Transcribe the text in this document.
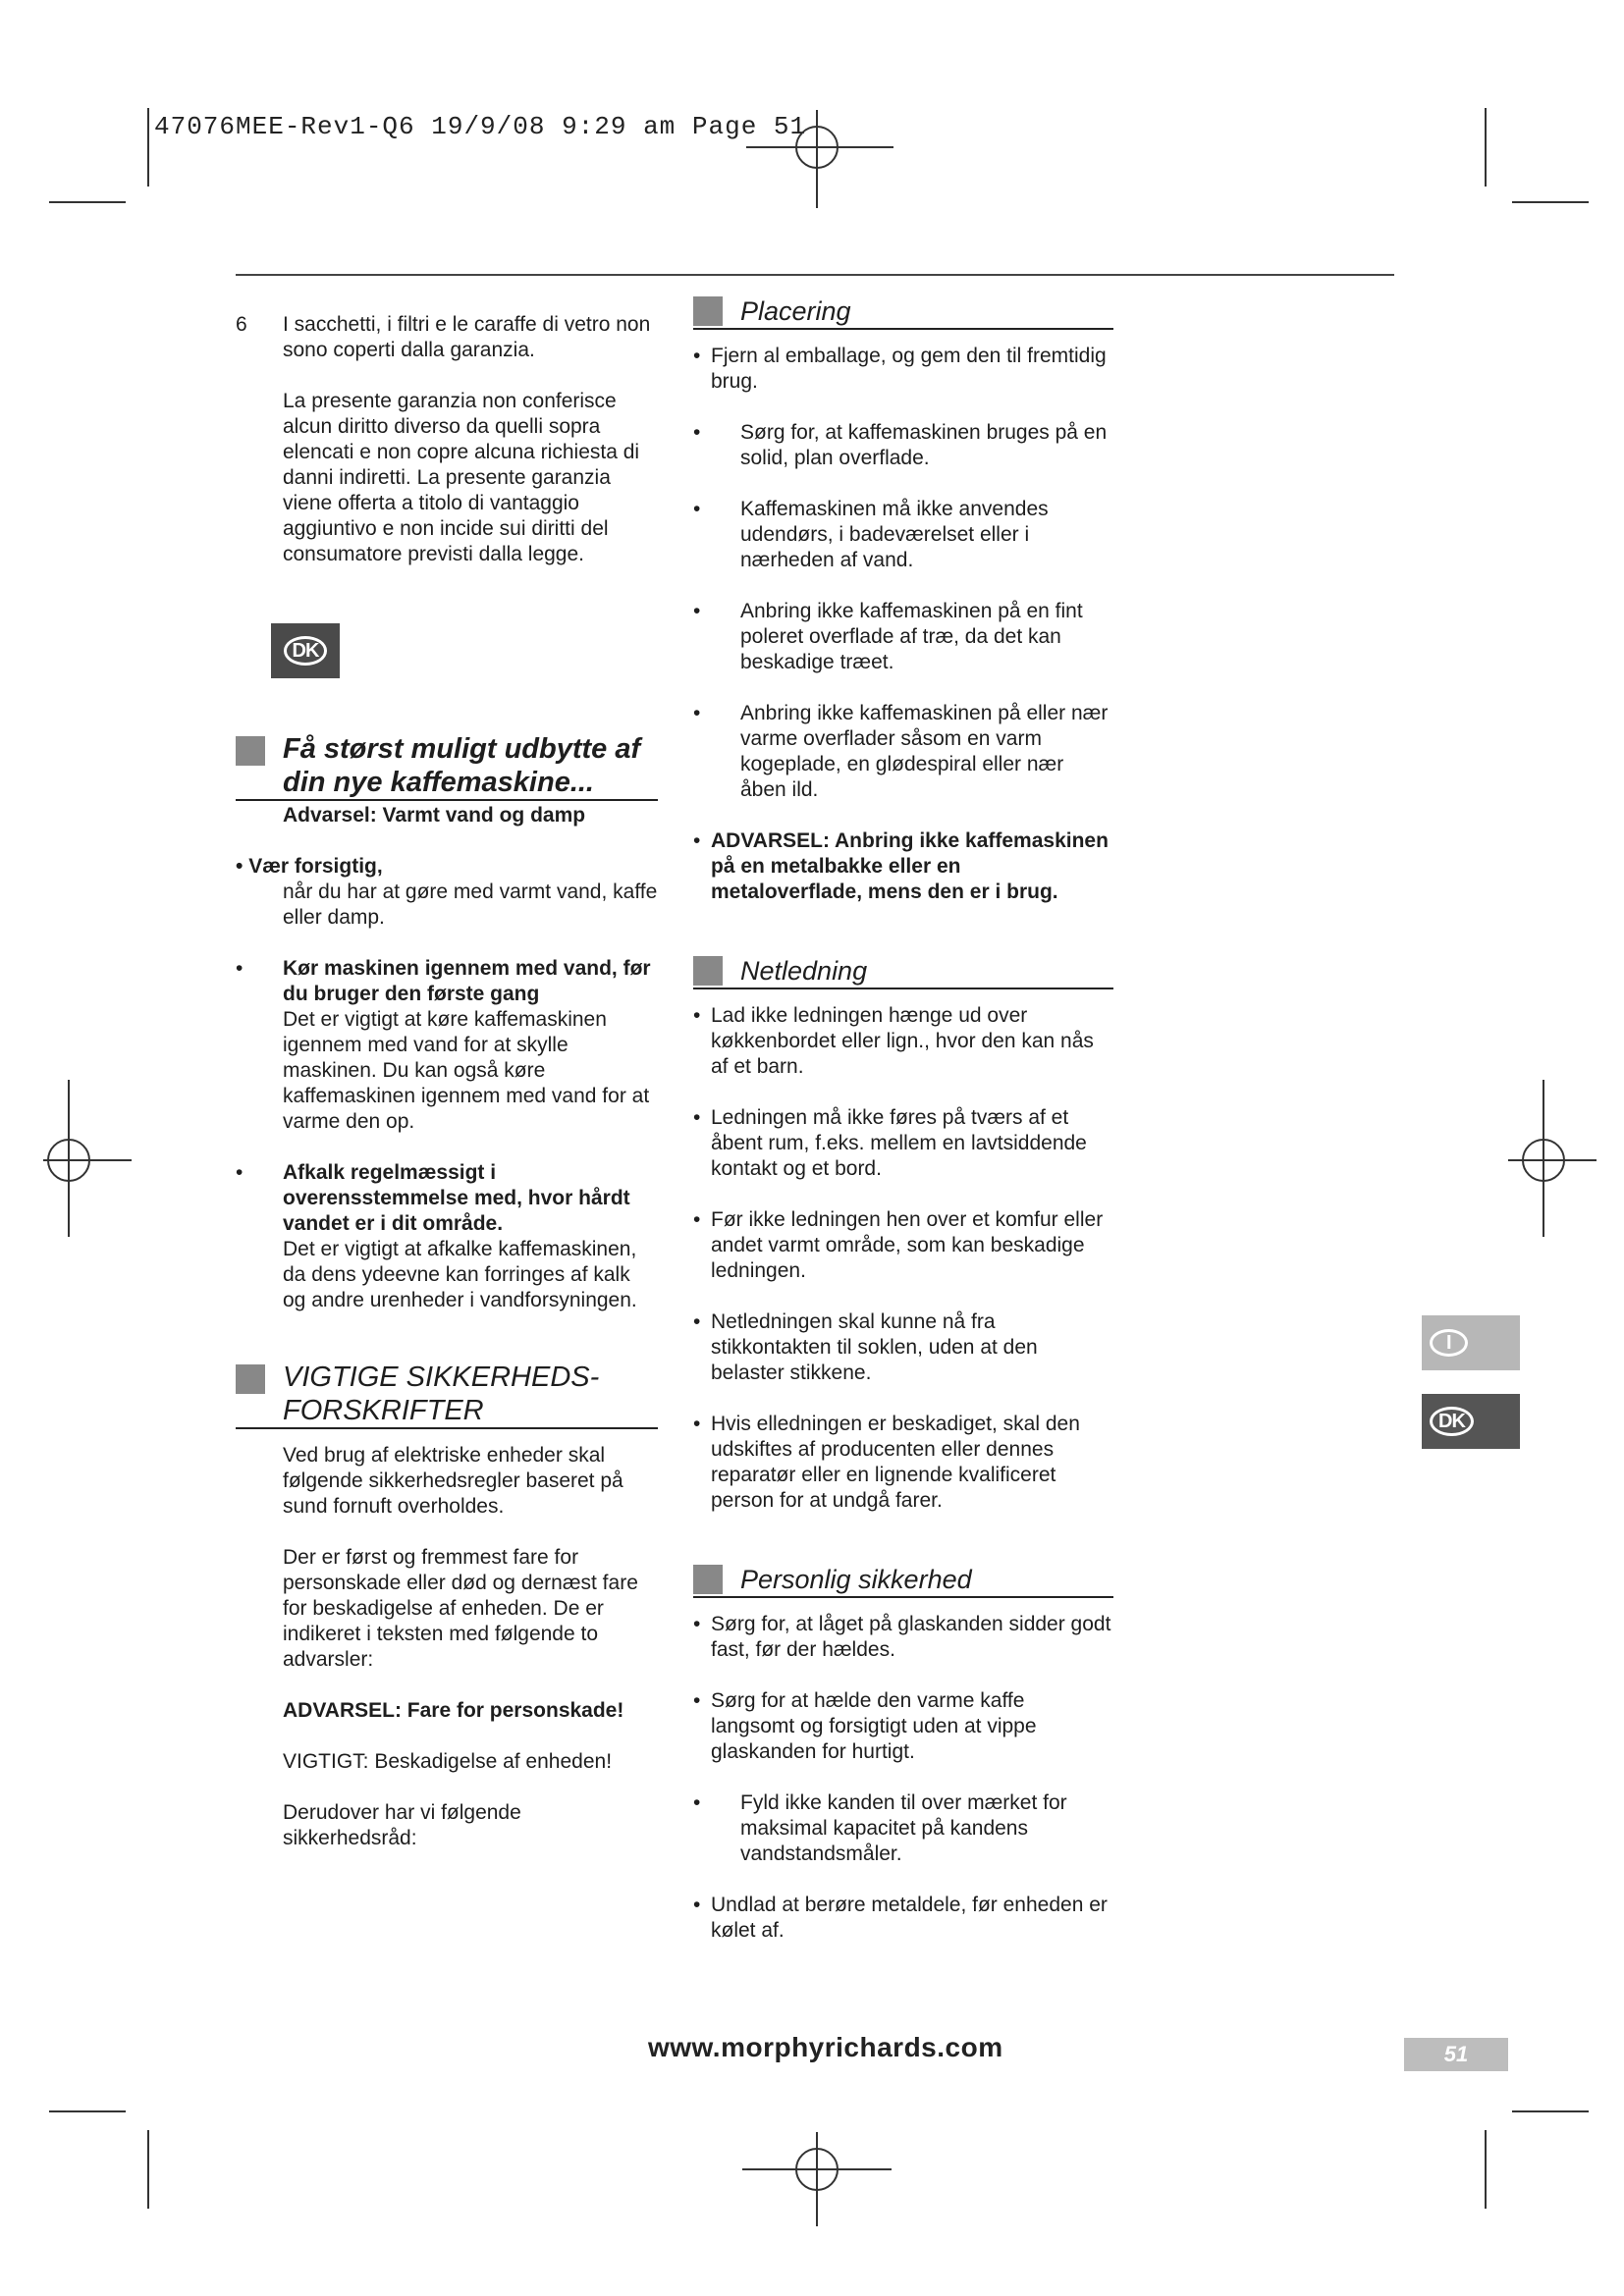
47076MEE-Rev1-Q6 19/9/08 9:29 am Page 51
6	I sacchetti, i filtri e le caraffe di vetro non sono coperti dalla garanzia.

La presente garanzia non conferisce alcun diritto diverso da quelli sopra elencati e non copre alcuna richiesta di danni indiretti. La presente garanzia viene offerta a titolo di vantaggio aggiuntivo e non incide sui diritti del consumatore previsti dalla legge.

Få størst muligt udbytte af din nye kaffemaskine...

Advarsel: Varmt vand og damp

• Vær forsigtig,

når du har at gøre med varmt vand, kaffe eller damp.

•	Kør maskinen igennem med vand, før du bruger den første gang

Det er vigtigt at køre kaffemaskinen igennem med vand for at skylle maskinen. Du kan også køre kaffemaskinen igennem med vand for at varme den op.

•	Afkalk regelmæssigt i overensstemmelse med, hvor hårdt vandet er i dit område.

Det er vigtigt at afkalke kaffemaskinen, da dens ydeevne kan forringes af kalk og andre urenheder i vandforsyningen.

VIGTIGE SIKKERHEDS-FORSKRIFTER

Ved brug af elektriske enheder skal følgende sikkerhedsregler baseret på sund fornuft overholdes.

Der er først og fremmest fare for personskade eller død og dernæst fare for beskadigelse af enheden. De er indikeret i teksten med følgende to advarsler:

ADVARSEL: Fare for personskade!

VIGTIGT: Beskadigelse af enheden!

Derudover har vi følgende sikkerhedsråd:

DK
Placering
• Fjern al emballage, og gem den til fremtidig brug.

•	Sørg for, at kaffemaskinen bruges på en solid, plan overflade.

•	Kaffemaskinen må ikke anvendes udendørs, i badeværelset eller i nærheden af vand.

•	Anbring ikke kaffemaskinen på en fint poleret overflade af træ, da det kan beskadige træet.

•	Anbring ikke kaffemaskinen på eller nær varme overflader såsom en varm kogeplade, en glødespiral eller nær åben ild.

• ADVARSEL: Anbring ikke kaffemaskinen på en metalbakke eller en metaloverflade, mens den er i brug.

Netledning
• Lad ikke ledningen hænge ud over køkkenbordet eller lign., hvor den kan nås af et barn.

• Ledningen må ikke føres på tværs af et åbent rum, f.eks. mellem en lavtsiddende kontakt og et bord.

• Før ikke ledningen hen over et komfur eller andet varmt område, som kan beskadige ledningen.

• Netledningen skal kunne nå fra stikkontakten til soklen, uden at den belaster stikkene.

• Hvis elledningen er beskadiget, skal den udskiftes af producenten eller dennes reparatør eller en lignende kvalificeret person for at undgå farer.

Personlig sikkerhed
• Sørg for, at låget på glaskanden sidder godt fast, før der hældes.

• Sørg for at hælde den varme kaffe langsomt og forsigtigt uden at vippe glaskanden for hurtigt.

•	Fyld ikke kanden til over mærket for maksimal kapacitet på kandens vandstandsmåler.

• Undlad at berøre metaldele, før enheden er kølet af.

I
DK
www.morphyrichards.com	51
